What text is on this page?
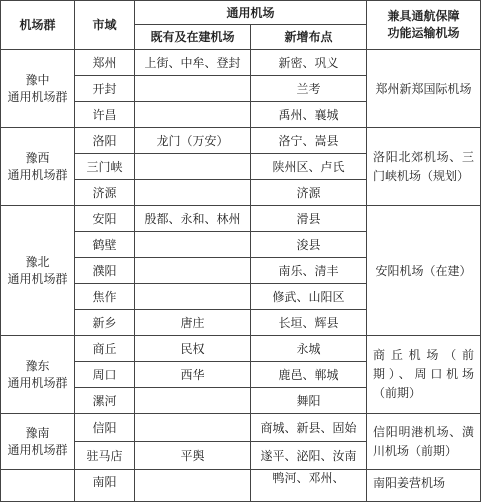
机场群	市域	通用机场		兼具通航保障
功能运输机场
		既有及在建机场	新增布点	
豫中
通用机场群	郑州	上街、中牟、登封	新密、巩义	郑州新郑国际机场
	开封		兰考	
	许昌		禹州、襄城	
豫西
通用机场群	洛阳	龙门（万安）	洛宁、嵩县	洛阳北郊机场、三门峡机场（规划）
	三门峡		陕州区、卢氏	
	济源		济源	
豫北
通用机场群	安阳	殷都、永和、林州	滑县	安阳机场（在建）
	鹤壁		浚县	
	濮阳		南乐、清丰	
	焦作		修武、山阳区	
	新乡	唐庄	长垣、辉县	
豫东
通用机场群	商丘	民权	永城	商丘机场（前期）、周口机场（前期）
	周口	西华	鹿邑、郸城	
	漯河		舞阳	
豫南
通用机场群	信阳		商城、新县、固始	信阳明港机场、潢川机场（前期）
	驻马店	平舆	遂平、泌阳、汝南	
	南阳		鸭河、邓州、	南阳姜营机场
